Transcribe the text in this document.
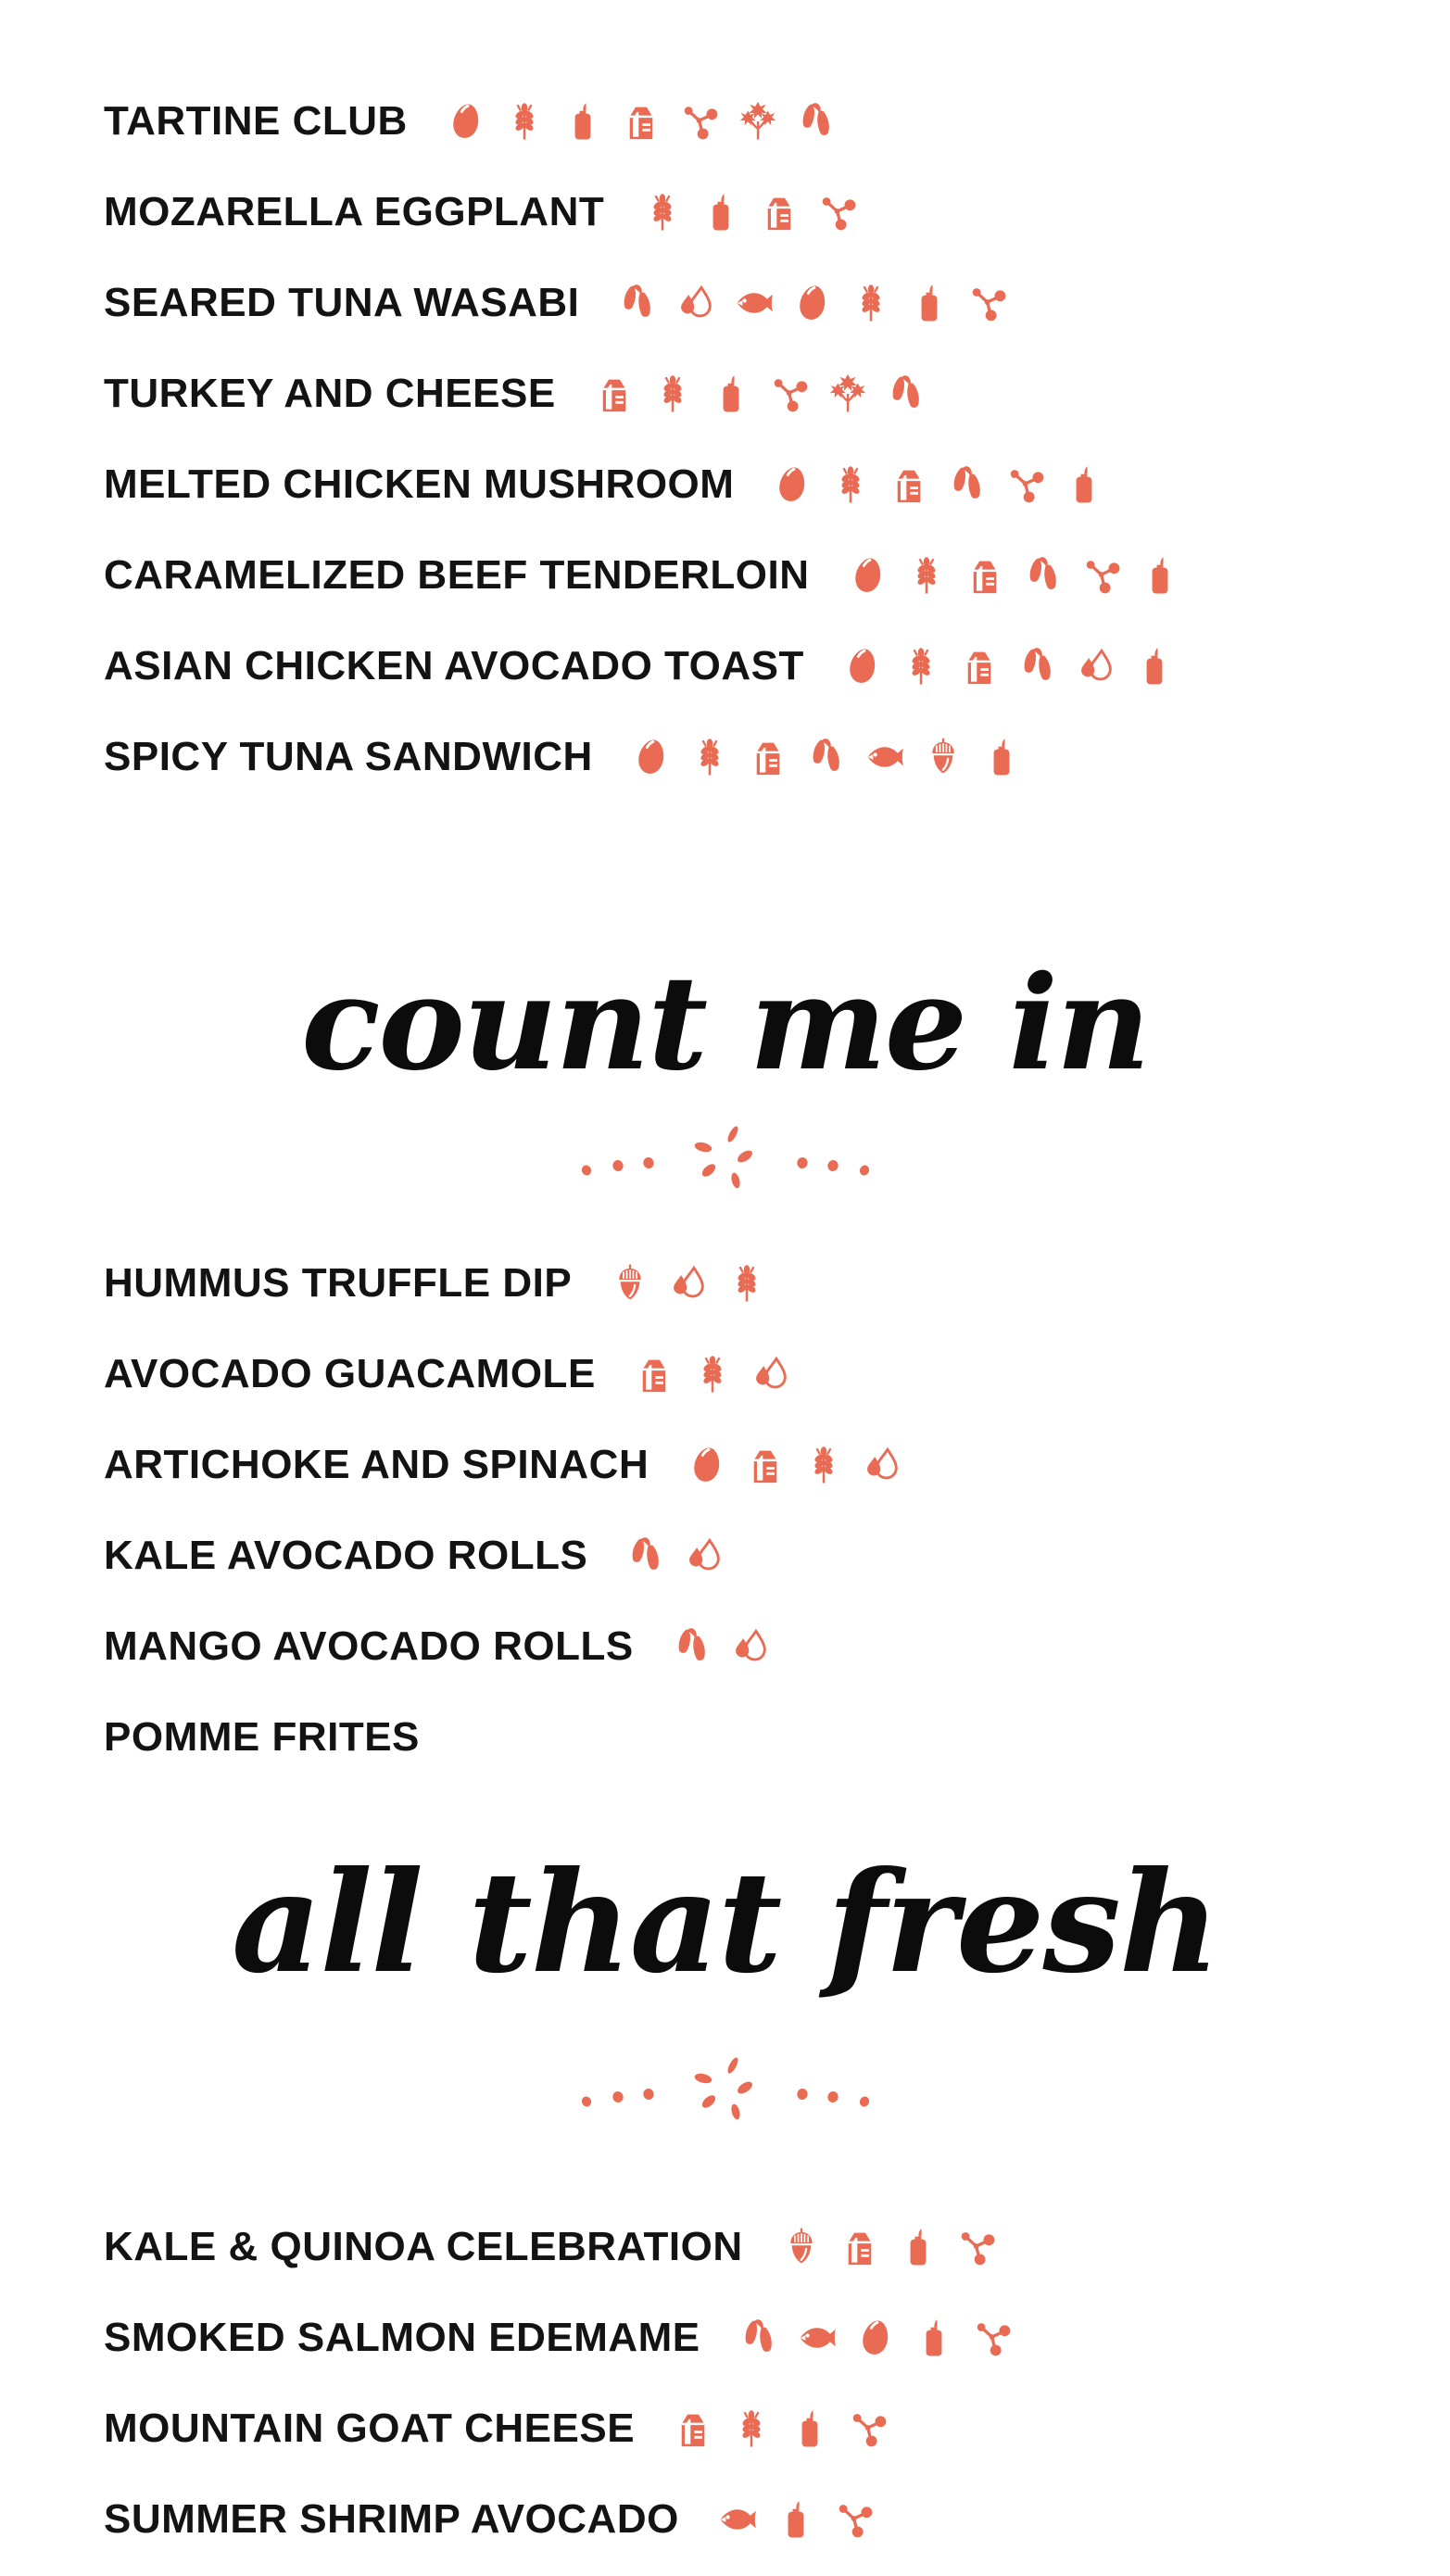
TARTINE CLUB
MOZARELLA EGGPLANT
SEARED TUNA WASABI
TURKEY AND CHEESE
MELTED CHICKEN MUSHROOM
CARAMELIZED BEEF TENDERLOIN
ASIAN CHICKEN AVOCADO TOAST
SPICY TUNA SANDWICH
count me in
HUMMUS TRUFFLE DIP
AVOCADO GUACAMOLE
ARTICHOKE AND SPINACH
KALE AVOCADO ROLLS
MANGO AVOCADO ROLLS
POMME FRITES
all that fresh
KALE & QUINOA CELEBRATION
SMOKED SALMON EDEMAME
MOUNTAIN GOAT CHEESE
SUMMER SHRIMP AVOCADO
